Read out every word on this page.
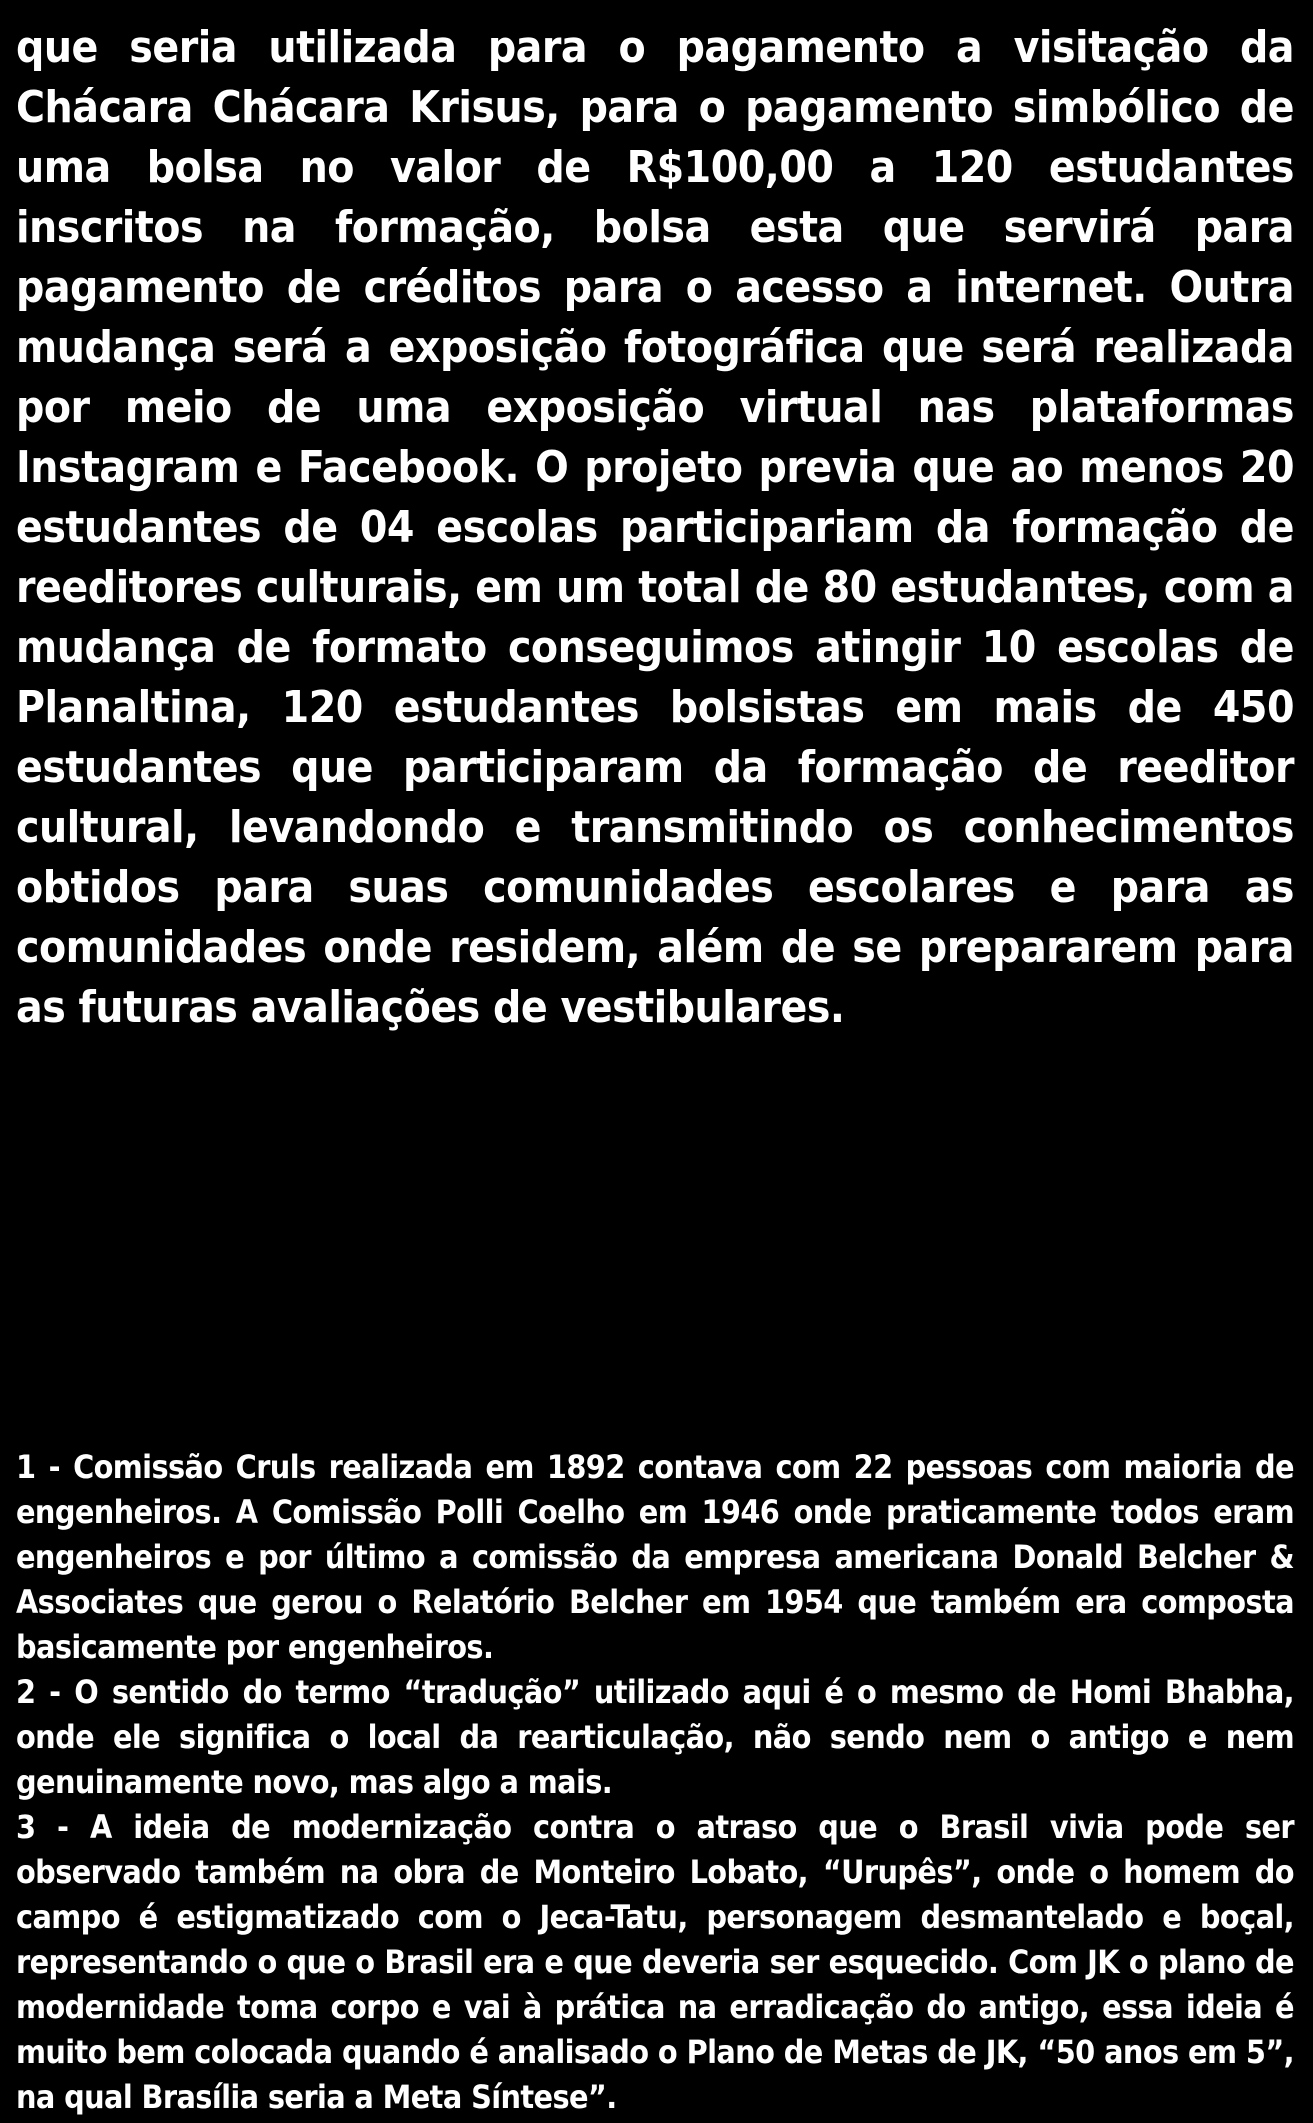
que seria utilizada para o pagamento a visitação da Chácara Chácara Krisus, para o pagamento simbólico de uma bolsa no valor de R$100,00 a 120 estudantes inscritos na formação, bolsa esta que servirá para pagamento de créditos para o acesso a internet. Outra mudança será a exposição fotográfica que será realizada por meio de uma exposição virtual nas plataformas Instagram e Facebook. O projeto previa que ao menos 20 estudantes de 04 escolas participariam da formação de reeditores culturais, em um total de 80 estudantes, com a mudança de formato conseguimos atingir 10 escolas de Planaltina, 120 estudantes bolsistas em mais de 450 estudantes que participaram da formação de reeditor cultural, levandondo e transmitindo os conhecimentos obtidos para suas comunidades escolares e para as comunidades onde residem, além de se prepararem para as futuras avaliações de vestibulares.

1 - Comissão Cruls realizada em 1892 contava com 22 pessoas com maioria de engenheiros. A Comissão Polli Coelho em 1946 onde praticamente todos eram engenheiros e por último a comissão da empresa americana Donald Belcher & Associates que gerou o Relatório Belcher em 1954 que também era composta basicamente por engenheiros.

2 - O sentido do termo “tradução” utilizado aqui é o mesmo de Homi Bhabha, onde ele significa o local da rearticulação, não sendo nem o antigo e nem genuinamente novo, mas algo a mais.

3 - A ideia de modernização contra o atraso que o Brasil vivia pode ser observado também na obra de Monteiro Lobato, “Urupês”, onde o homem do campo é estigmatizado com o Jeca-Tatu, personagem desmantelado e boçal, representando o que o Brasil era e que deveria ser esquecido. Com JK o plano de modernidade toma corpo e vai à prática na erradicação do antigo, essa ideia é muito bem colocada quando é analisado o Plano de Metas de JK, “50 anos em 5”, na qual Brasília seria a Meta Síntese”.
